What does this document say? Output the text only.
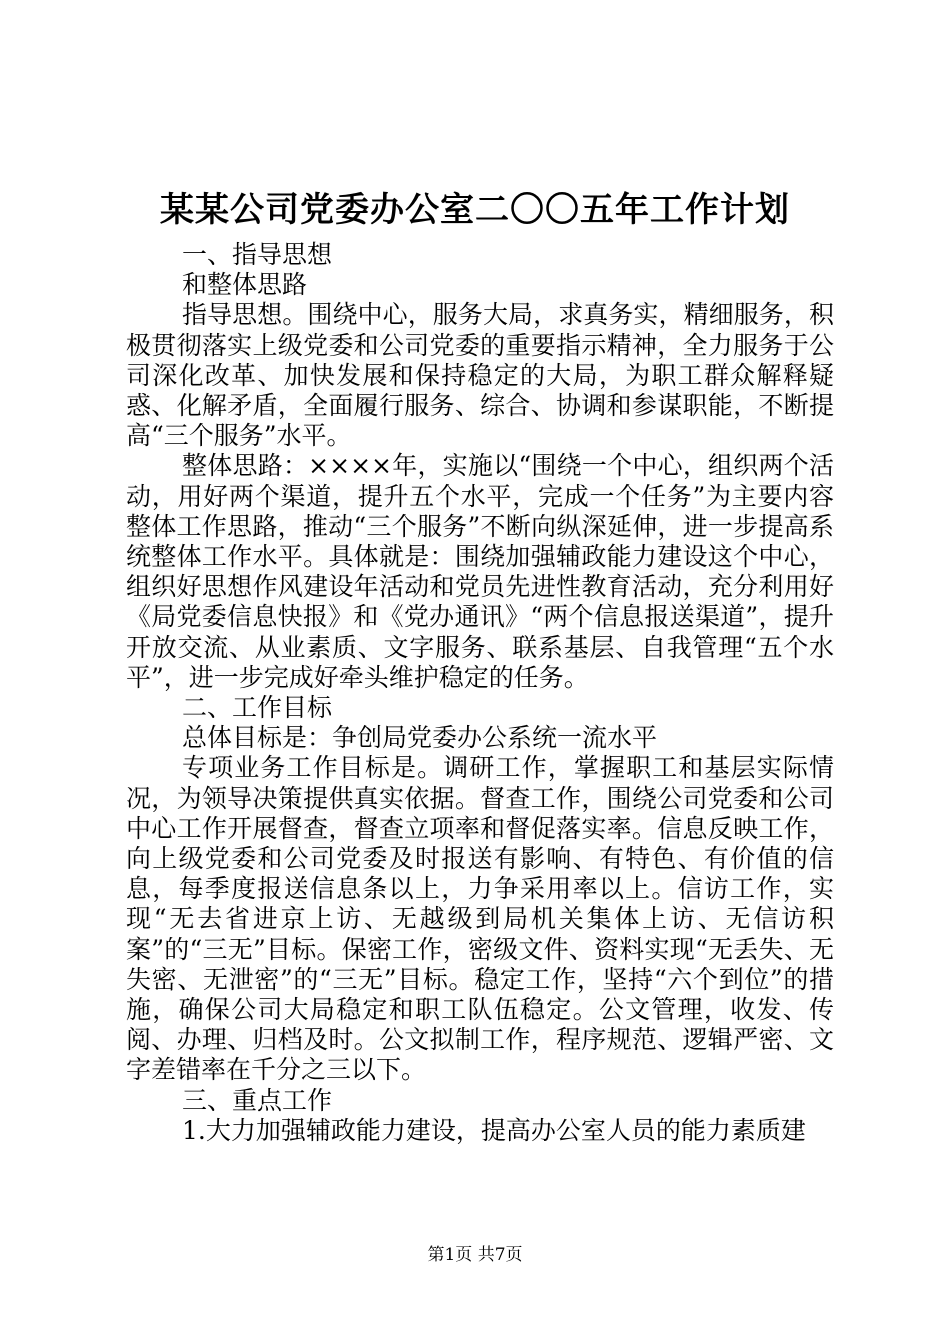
某某公司党委办公室二〇〇五年工作计划

一、指导思想

和整体思路

指导思想。围绕中心，服务大局，求真务实，精细服务，积极贯彻落实上级党委和公司党委的重要指示精神，全力服务于公司深化改革、加快发展和保持稳定的大局，为职工群众解释疑惑、化解矛盾，全面履行服务、综合、协调和参谋职能，不断提高“三个服务”水平。

整体思路：××××年，实施以“围绕一个中心，组织两个活动，用好两个渠道，提升五个水平，完成一个任务”为主要内容整体工作思路，推动“三个服务”不断向纵深延伸，进一步提高系统整体工作水平。具体就是：围绕加强辅政能力建设这个中心，组织好思想作风建设年活动和党员先进性教育活动，充分利用好《局党委信息快报》和《党办通讯》“两个信息报送渠道”，提升开放交流、从业素质、文字服务、联系基层、自我管理“五个水平”，进一步完成好牵头维护稳定的任务。

二、工作目标

总体目标是：争创局党委办公系统一流水平

专项业务工作目标是。调研工作，掌握职工和基层实际情况，为领导决策提供真实依据。督查工作，围绕公司党委和公司中心工作开展督查，督查立项率和督促落实率。信息反映工作，向上级党委和公司党委及时报送有影响、有特色、有价值的信息，每季度报送信息条以上，力争采用率以上。信访工作，实现“无去省进京上访、无越级到局机关集体上访、无信访积案”的“三无”目标。保密工作，密级文件、资料实现“无丢失、无失密、无泄密”的“三无”目标。稳定工作，坚持“六个到位”的措施，确保公司大局稳定和职工队伍稳定。公文管理，收发、传阅、办理、归档及时。公文拟制工作，程序规范、逻辑严密、文字差错率在千分之三以下。

三、重点工作

1.大力加强辅政能力建设，提高办公室人员的能力素质建

第1页 共7页
